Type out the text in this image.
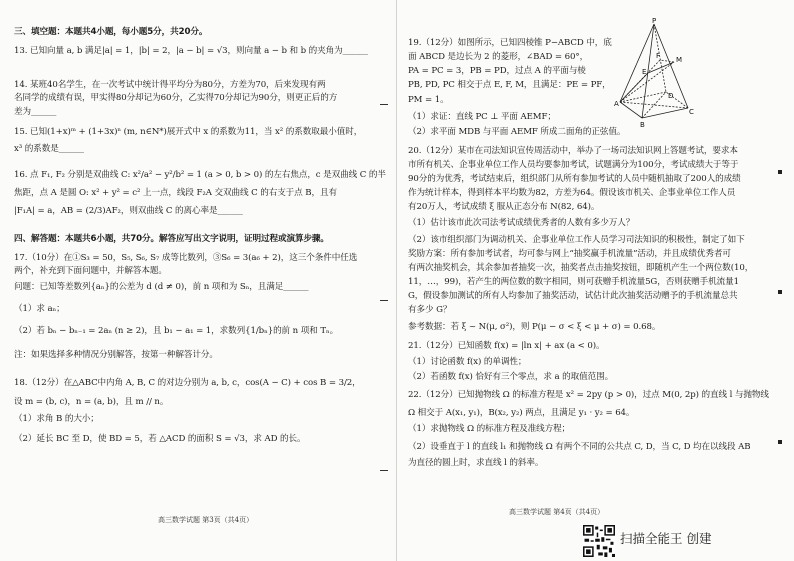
三、填空题：本题共4小题，每小题5分，共20分。
13. 已知向量 a, b 满足|a| = 1，|b| = 2，|a − b| = √3，则向量 a − b 和 b 的夹角为______
14. 某班40名学生，在一次考试中统计得平均分为80分，方差为70，后来发现有两
名同学的成绩有误，甲实得80分却记为60分，乙实得70分却记为90分，则更正后的方
差为______
15. 已知(1+x)ᵐ + (1+3x)ⁿ (m, n∈N*)展开式中 x 的系数为11，当 x² 的系数取最小值时，
x³ 的系数是______
16. 点 F₁, F₂ 分别是双曲线 C: x²/a² − y²/b² = 1 (a > 0, b > 0) 的左右焦点，c 是双曲线 C 的半
焦距，点 A 是圆 O: x² + y² = c² 上一点，线段 F₂A 交双曲线 C 的右支于点 B，且有
|F₁A| = a，AB = (2/3)AF₂，则双曲线 C 的离心率是______
四、解答题：本题共6小题，共70分。解答应写出文字说明，证明过程或演算步骤。
17.（10分）在①S₃ = 50，S₅, S₆, S₇ 成等比数列，③S₆ = 3(a₆ + 2)，这三个条件中任选
两个，补充到下面问题中，并解答本题。
问题：已知等差数列{aₙ}的公差为 d (d ≠ 0)，前 n 项和为 Sₙ，且满足______
（1）求 aₙ；
（2）若 bₙ − bₙ₋₁ = 2aₙ (n ≥ 2)，且 b₁ − a₁ = 1，求数列{1/bₙ}的前 n 项和 Tₙ。
注：如果选择多种情况分别解答，按第一种解答计分。
18.（12分）在△ABC中内角 A, B, C 的对边分别为 a, b, c，cos(A − C) + cos B = 3/2，
设 m = (b, c)，n = (a, b)，且 m // n。
（1）求角 B 的大小；
（2）延长 BC 至 D，使 BD = 5，若 △ACD 的面积 S = √3，求 AD 的长。
高三数学试题 第3页（共4页）
19.（12分）如图所示，已知四棱锥 P−ABCD 中，底
面 ABCD 是边长为 2 的菱形，∠BAD = 60°，
PA = PC = 3，PB = PD，过点 A 的平面与棱
PB, PD, PC 相交于点 E, F, M，且满足：PE = PF，
PM = 1。
（1）求证：直线 PC ⊥ 平面 AEMF；
（2）求平面 MDB 与平面 AEMF 所成二面角的正弦值。
20.（12分）某市在司法知识宣传周活动中，举办了一场司法知识网上答题考试，要求本
市所有机关、企事业单位工作人员均要参加考试，试题满分为100分，考试成绩大于等于
90分的为优秀，考试结束后，组织部门从所有参加考试的人员中随机抽取了200人的成绩
作为统计样本，得到样本平均数为82，方差为64。假设该市机关、企事业单位工作人员
有20万人，考试成绩 ξ 服从正态分布 N(82, 64)。
（1）估计该市此次司法考试成绩优秀者的人数有多少万人？
（2）该市组织部门为调动机关、企事业单位工作人员学习司法知识的积极性，制定了如下
奖励方案：所有参加考试者，均可参与网上“抽奖赢手机流量”活动，并且成绩优秀者可
有两次抽奖机会，其余参加者抽奖一次，抽奖者点击抽奖按钮，即随机产生一个两位数(10，
11，…，99)，若产生的两位数的数字相同，则可获赠手机流量5G，否则获赠手机流量1
G，假设参加测试的所有人均参加了抽奖活动，试估计此次抽奖活动赠予的手机流量总共
有多少 G？
参考数据：若 ξ ~ N(μ, σ²)，则 P(μ − σ < ξ < μ + σ) = 0.68。
21.（12分）已知函数 f(x) = |ln x| + ax (a < 0)。
（1）讨论函数 f(x) 的单调性；
（2）若函数 f(x) 恰好有三个零点，求 a 的取值范围。
22.（12分）已知抛物线 Ω 的标准方程是 x² = 2py (p > 0)，过点 M(0, 2p) 的直线 l 与抛物线
Ω 相交于 A(x₁, y₁)，B(x₂, y₂) 两点，且满足 y₁ · y₂ = 64。
（1）求抛物线 Ω 的标准方程及准线方程；
（2）设垂直于 l 的直线 l₁ 和抛物线 Ω 有两个不同的公共点 C, D，当 C, D 均在以线段 AB
为直径的圆上时，求直线 l 的斜率。
高三数学试题 第4页（共4页）
P
A
B
C
D
E
F M
扫描全能王 创建
